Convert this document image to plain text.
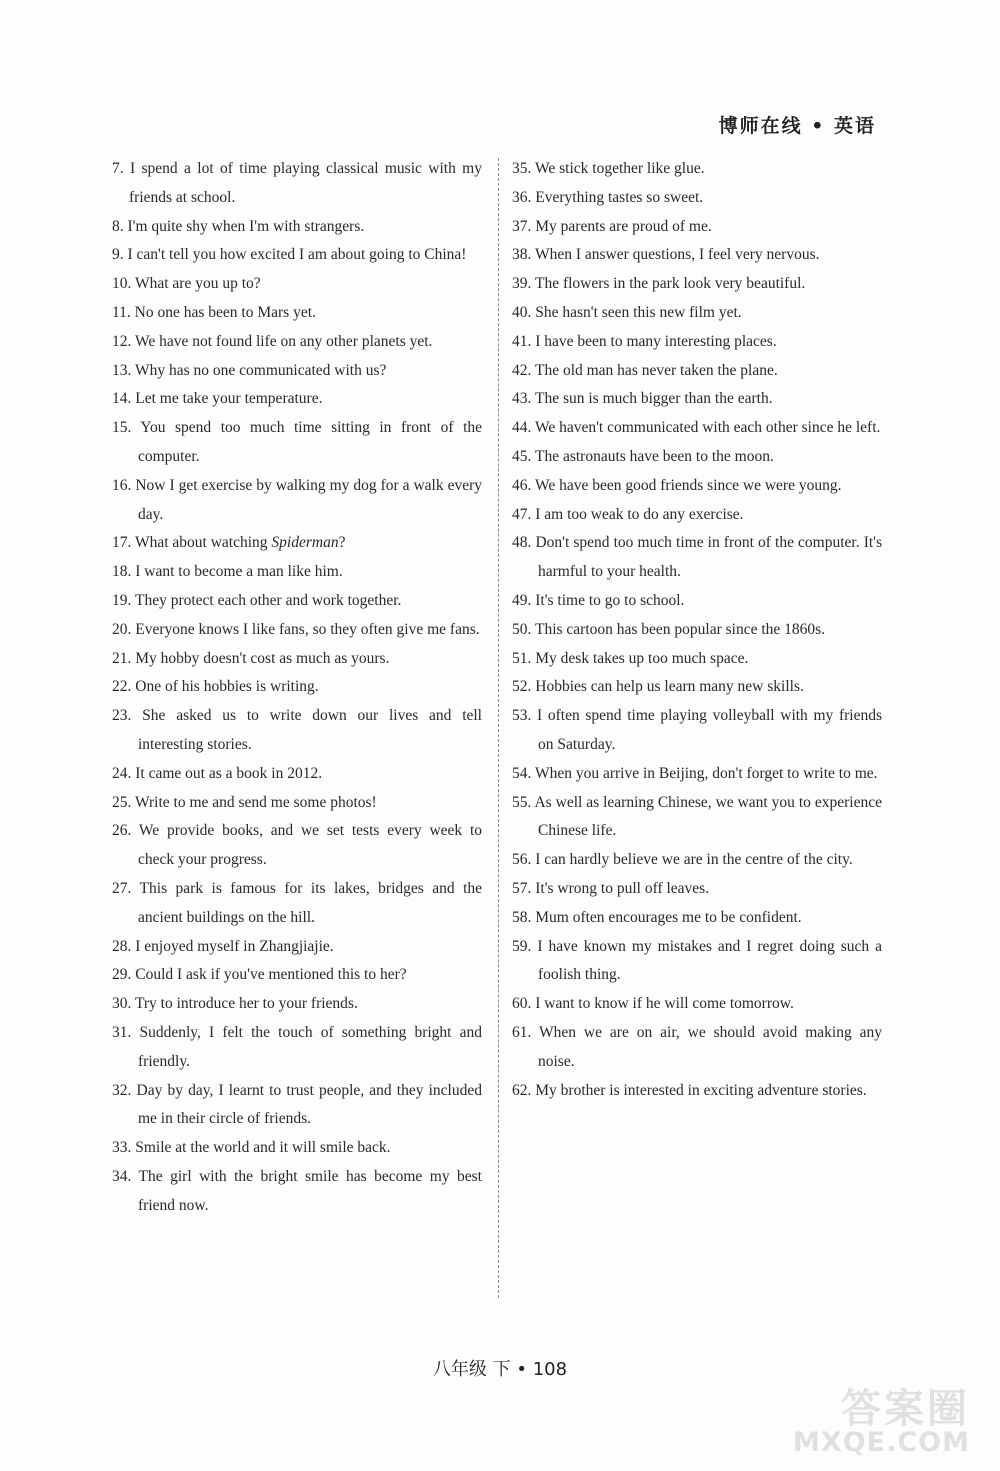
博师在线 • 英语
7. I spend a lot of time playing classical music with my friends at school.
8. I'm quite shy when I'm with strangers.
9. I can't tell you how excited I am about going to China!
10. What are you up to?
11. No one has been to Mars yet.
12. We have not found life on any other planets yet.
13. Why has no one communicated with us?
14. Let me take your temperature.
15. You spend too much time sitting in front of the computer.
16. Now I get exercise by walking my dog for a walk every day.
17. What about watching Spiderman?
18. I want to become a man like him.
19. They protect each other and work together.
20. Everyone knows I like fans, so they often give me fans.
21. My hobby doesn't cost as much as yours.
22. One of his hobbies is writing.
23. She asked us to write down our lives and tell interesting stories.
24. It came out as a book in 2012.
25. Write to me and send me some photos!
26. We provide books, and we set tests every week to check your progress.
27. This park is famous for its lakes, bridges and the ancient buildings on the hill.
28. I enjoyed myself in Zhangjiajie.
29. Could I ask if you've mentioned this to her?
30. Try to introduce her to your friends.
31. Suddenly, I felt the touch of something bright and friendly.
32. Day by day, I learnt to trust people, and they included me in their circle of friends.
33. Smile at the world and it will smile back.
34. The girl with the bright smile has become my best friend now.
35. We stick together like glue.
36. Everything tastes so sweet.
37. My parents are proud of me.
38. When I answer questions, I feel very nervous.
39. The flowers in the park look very beautiful.
40. She hasn't seen this new film yet.
41. I have been to many interesting places.
42. The old man has never taken the plane.
43. The sun is much bigger than the earth.
44. We haven't communicated with each other since he left.
45. The astronauts have been to the moon.
46. We have been good friends since we were young.
47. I am too weak to do any exercise.
48. Don't spend too much time in front of the computer. It's harmful to your health.
49. It's time to go to school.
50. This cartoon has been popular since the 1860s.
51. My desk takes up too much space.
52. Hobbies can help us learn many new skills.
53. I often spend time playing volleyball with my friends on Saturday.
54. When you arrive in Beijing, don't forget to write to me.
55. As well as learning Chinese, we want you to experience Chinese life.
56. I can hardly believe we are in the centre of the city.
57. It's wrong to pull off leaves.
58. Mum often encourages me to be confident.
59. I have known my mistakes and I regret doing such a foolish thing.
60. I want to know if he will come tomorrow.
61. When we are on air, we should avoid making any noise.
62. My brother is interested in exciting adventure stories.
八年级 下 • 108
答案圈
MXQE.COM
